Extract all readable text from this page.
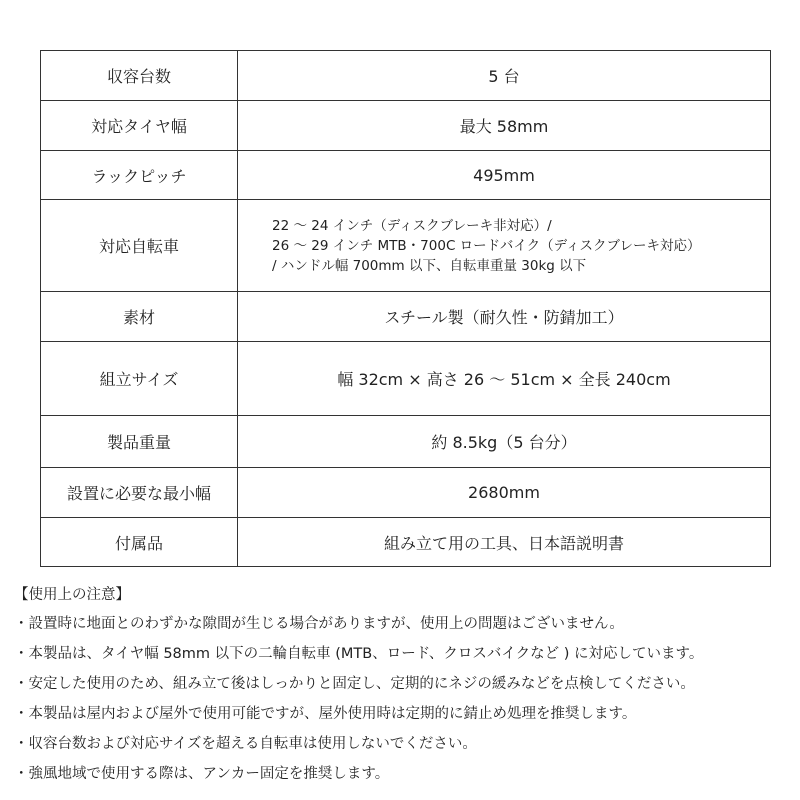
収容台数	5 台
対応タイヤ幅	最大 58mm
ラックピッチ	495mm
対応自転車	22 ～ 24 インチ（ディスクブレーキ非対応）/
26 ～ 29 インチ MTB・700C ロードバイク（ディスクブレーキ対応）
/ ハンドル幅 700mm 以下、自転車重量 30kg 以下

素材	スチール製（耐久性・防錆加工）
組立サイズ	幅 32cm × 高さ 26 ～ 51cm × 全長 240cm
製品重量	約 8.5kg（5 台分）
設置に必要な最小幅	2680mm
付属品	組み立て用の工具、日本語説明書
【使用上の注意】
・設置時に地面とのわずかな隙間が生じる場合がありますが、使用上の問題はございません。
・本製品は、タイヤ幅 58mm 以下の二輪自転車 (MTB、ロード、クロスバイクなど ) に対応しています。
・安定した使用のため、組み立て後はしっかりと固定し、定期的にネジの緩みなどを点検してください。
・本製品は屋内および屋外で使用可能ですが、屋外使用時は定期的に錆止め処理を推奨します。
・収容台数および対応サイズを超える自転車は使用しないでください。
・強風地域で使用する際は、アンカー固定を推奨します。
